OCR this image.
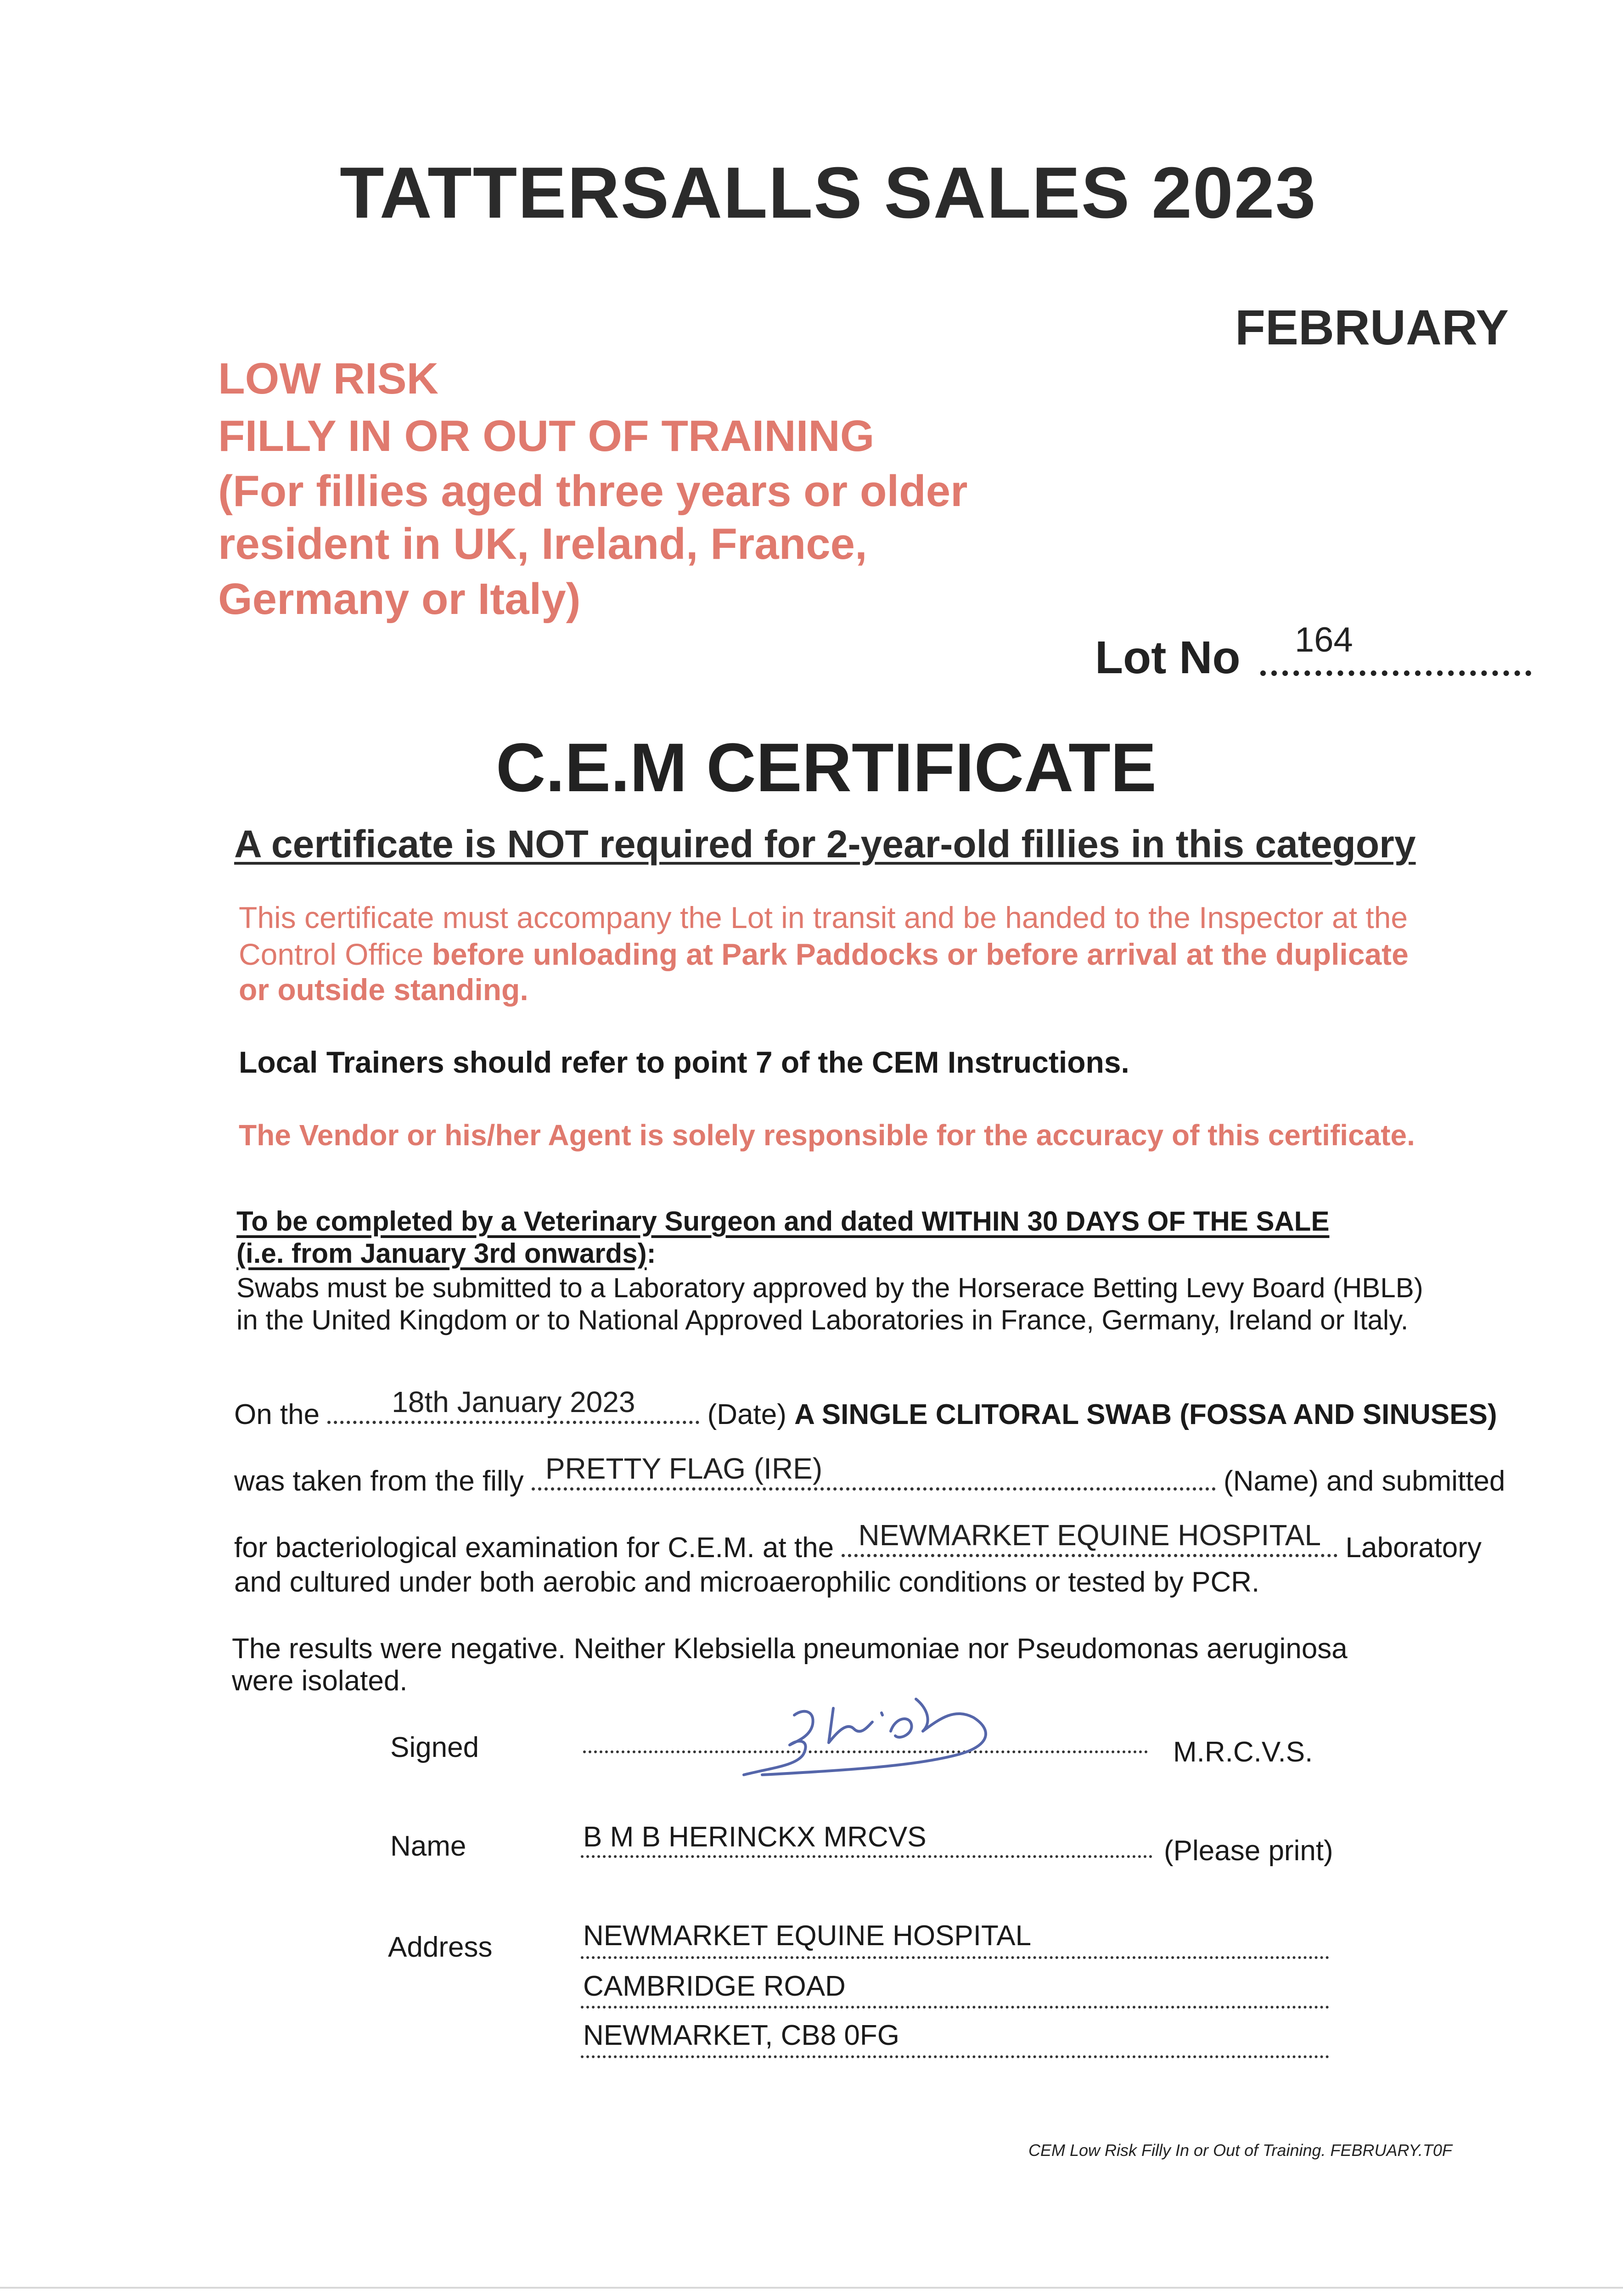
TATTERSALLS SALES 2023
FEBRUARY
LOW RISK
FILLY IN OR OUT OF TRAINING
(For fillies aged three years or older
resident in UK, Ireland, France,
Germany or Italy)
Lot No 164
C.E.M CERTIFICATE
A certificate is NOT required for 2-year-old fillies in this category
This certificate must accompany the Lot in transit and be handed to the Inspector at the
Control Office before unloading at Park Paddocks or before arrival at the duplicate
or outside standing.
Local Trainers should refer to point 7 of the CEM Instructions.
The Vendor or his/her Agent is solely responsible for the accuracy of this certificate.
To be completed by a Veterinary Surgeon and dated WITHIN 30 DAYS OF THE SALE
(i.e. from January 3rd onwards):
Swabs must be submitted to a Laboratory approved by the Horserace Betting Levy Board (HBLB)
in the United Kingdom or to National Approved Laboratories in France, Germany, Ireland or Italy.
On the	18th January 2023	(Date) A SINGLE CLITORAL SWAB (FOSSA AND SINUSES)
was taken from the filly PRETTY FLAG (IRE)	(Name) and submitted
for bacteriological examination for C.E.M. at the NEWMARKET EQUINE HOSPITAL Laboratory
and cultured under both aerobic and microaerophilic conditions or tested by PCR.
The results were negative. Neither Klebsiella pneumoniae nor Pseudomonas aeruginosa
were isolated.
Signed	M.R.C.V.S.
Name	B M B HERINCKX MRCVS	(Please print)
Address	NEWMARKET EQUINE HOSPITAL
CAMBRIDGE ROAD
NEWMARKET, CB8 0FG
CEM Low Risk Filly In or Out of Training. FEBRUARY.T0F
